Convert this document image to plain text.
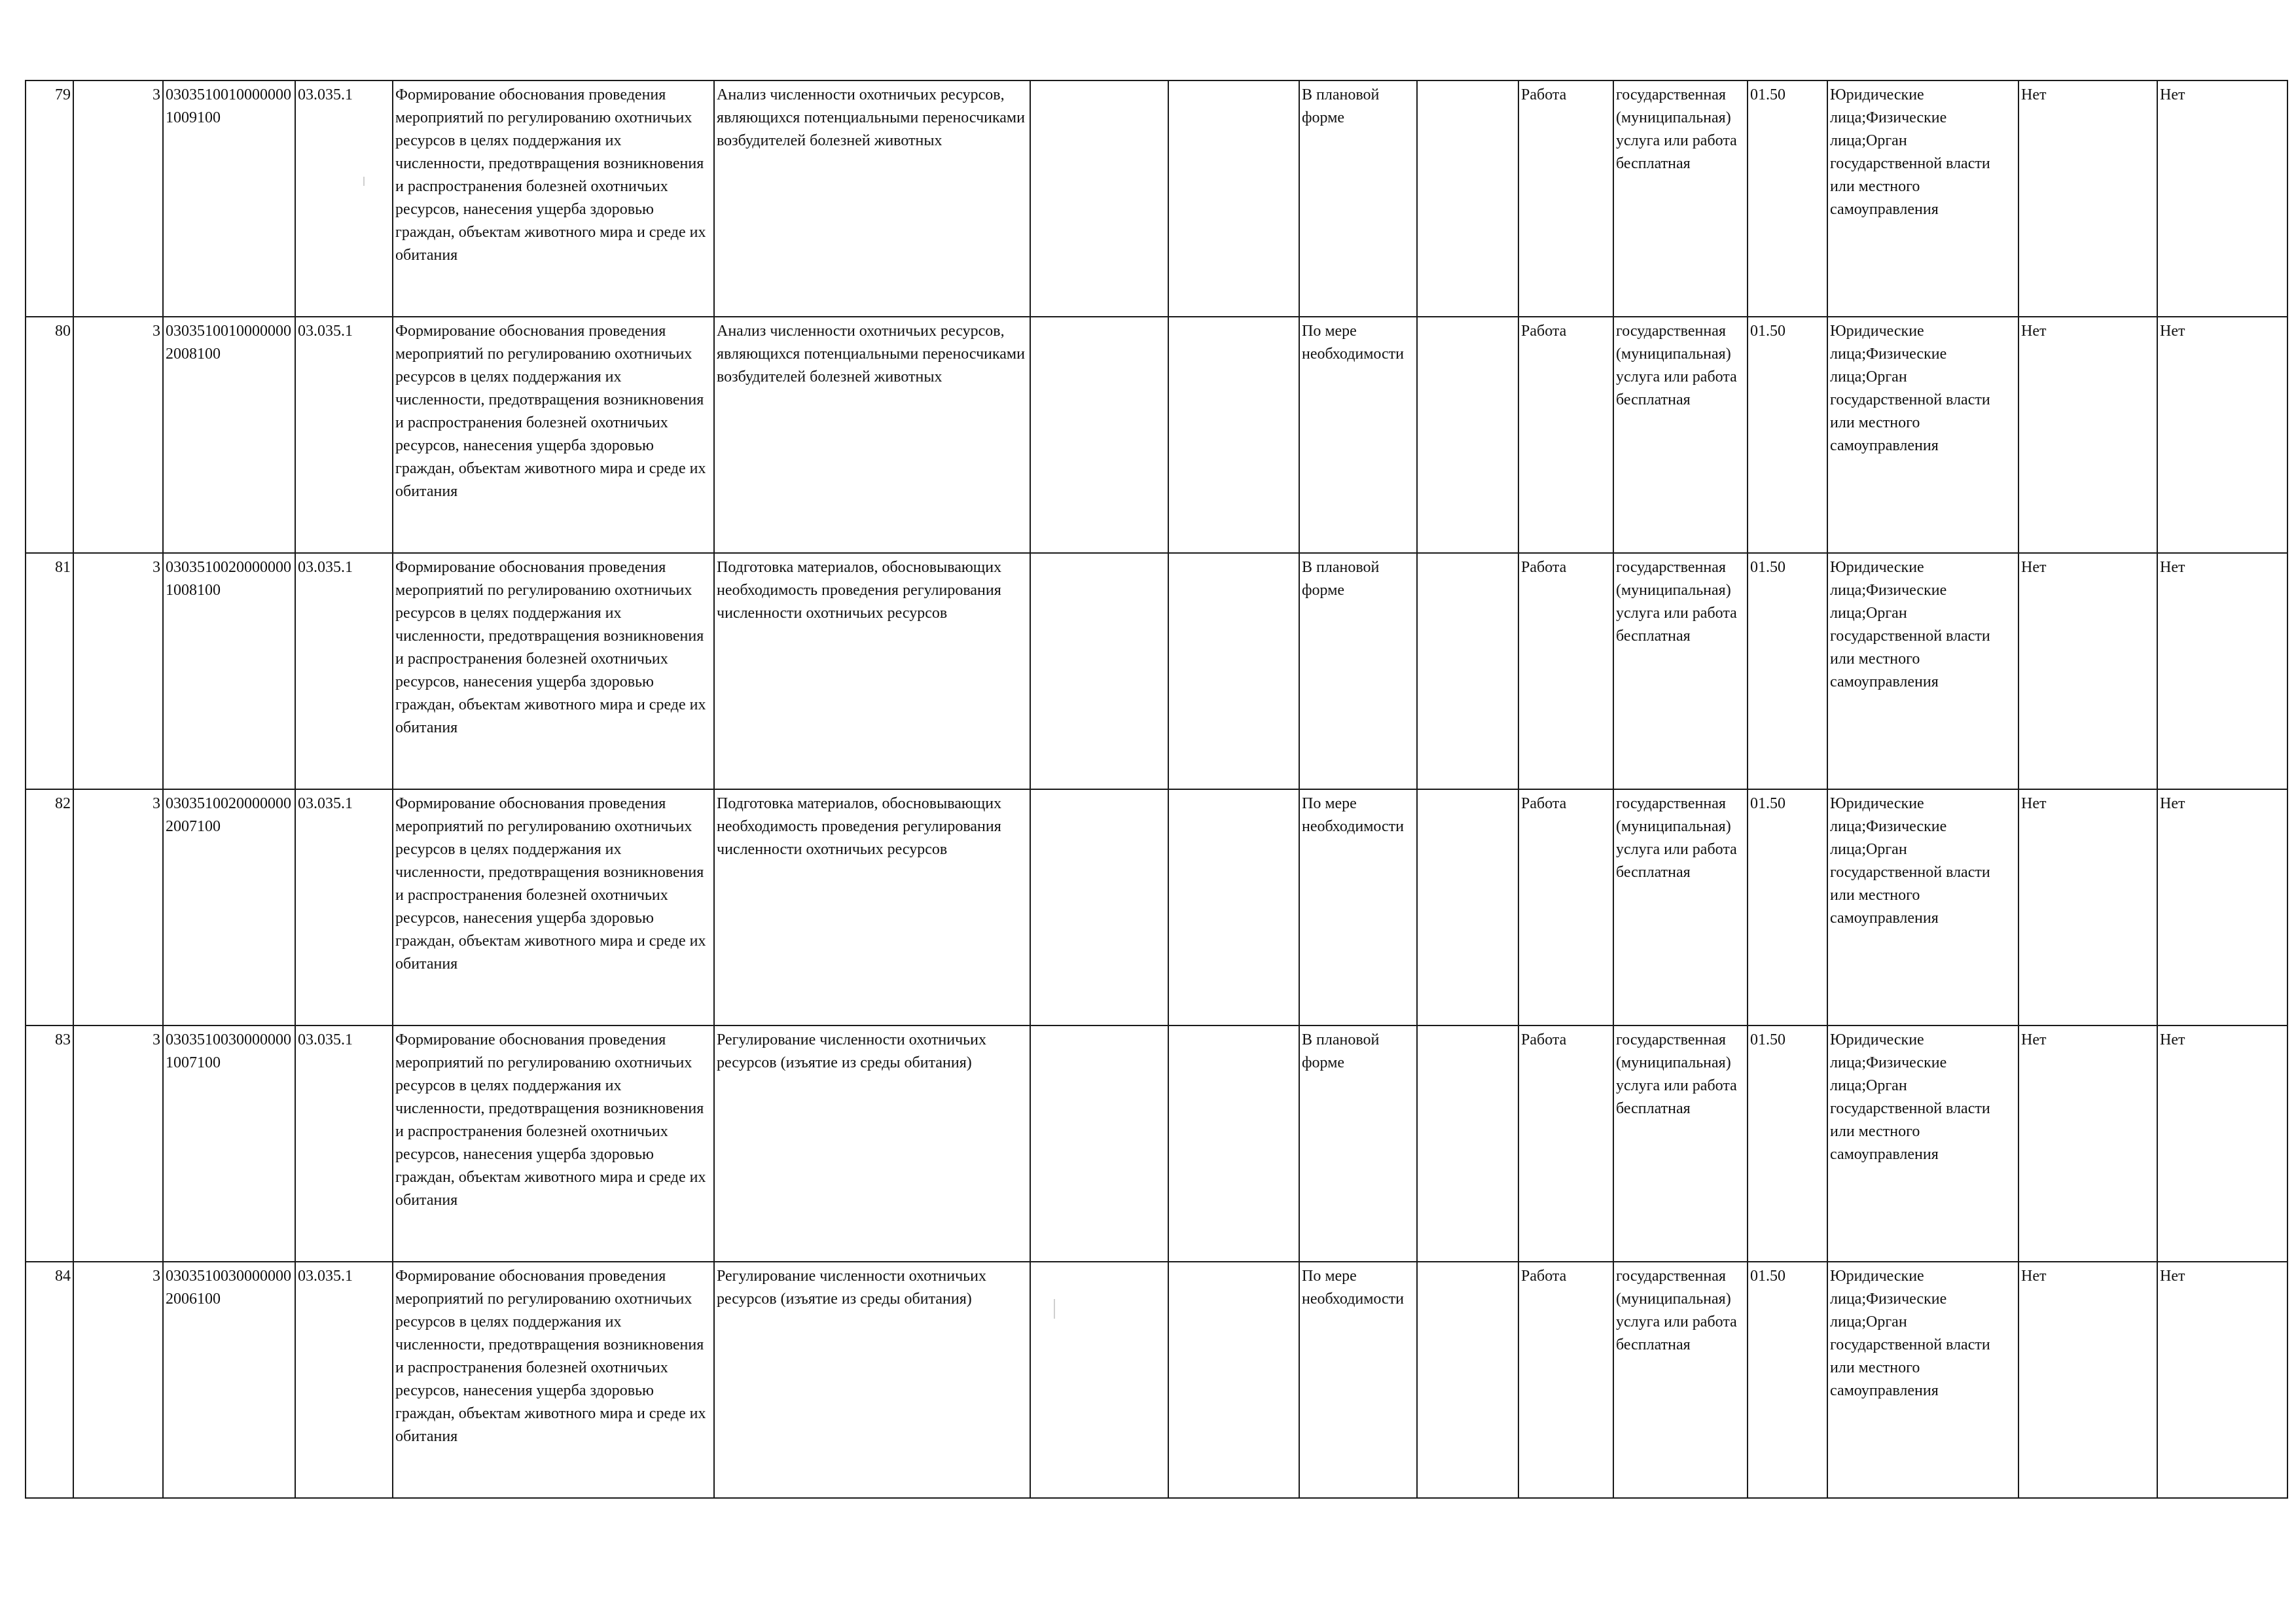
79	3	03035100100000001009100	03.035.1	Формирование обоснования проведения мероприятий по регулированию охотничьих ресурсов в целях поддержания их численности, предотвращения возникновения и распространения болезней охотничьих ресурсов, нанесения ущерба здоровью граждан, объектам животного мира и среде их обитания	Анализ численности охотничьих ресурсов, являющихся потенциальными переносчиками возбудителей болезней животных			В плановой форме		Работа	государственная (муниципальная) услуга или работа бесплатная	01.50	Юридические лица;Физические лица;Орган государственной власти или местного самоуправления	Нет	Нет
80	3	03035100100000002008100	03.035.1	Формирование обоснования проведения мероприятий по регулированию охотничьих ресурсов в целях поддержания их численности, предотвращения возникновения и распространения болезней охотничьих ресурсов, нанесения ущерба здоровью граждан, объектам животного мира и среде их обитания	Анализ численности охотничьих ресурсов, являющихся потенциальными переносчиками возбудителей болезней животных			По мере необходимости		Работа	государственная (муниципальная) услуга или работа бесплатная	01.50	Юридические лица;Физические лица;Орган государственной власти или местного самоуправления	Нет	Нет
81	3	03035100200000001008100	03.035.1	Формирование обоснования проведения мероприятий по регулированию охотничьих ресурсов в целях поддержания их численности, предотвращения возникновения и распространения болезней охотничьих ресурсов, нанесения ущерба здоровью граждан, объектам животного мира и среде их обитания	Подготовка материалов, обосновывающих необходимость проведения регулирования численности охотничьих ресурсов			В плановой форме		Работа	государственная (муниципальная) услуга или работа бесплатная	01.50	Юридические лица;Физические лица;Орган государственной власти или местного самоуправления	Нет	Нет
82	3	03035100200000002007100	03.035.1	Формирование обоснования проведения мероприятий по регулированию охотничьих ресурсов в целях поддержания их численности, предотвращения возникновения и распространения болезней охотничьих ресурсов, нанесения ущерба здоровью граждан, объектам животного мира и среде их обитания	Подготовка материалов, обосновывающих необходимость проведения регулирования численности охотничьих ресурсов			По мере необходимости		Работа	государственная (муниципальная) услуга или работа бесплатная	01.50	Юридические лица;Физические лица;Орган государственной власти или местного самоуправления	Нет	Нет
83	3	03035100300000001007100	03.035.1	Формирование обоснования проведения мероприятий по регулированию охотничьих ресурсов в целях поддержания их численности, предотвращения возникновения и распространения болезней охотничьих ресурсов, нанесения ущерба здоровью граждан, объектам животного мира и среде их обитания	Регулирование численности охотничьих ресурсов (изъятие из среды обитания)			В плановой форме		Работа	государственная (муниципальная) услуга или работа бесплатная	01.50	Юридические лица;Физические лица;Орган государственной власти или местного самоуправления	Нет	Нет
84	3	03035100300000002006100	03.035.1	Формирование обоснования проведения мероприятий по регулированию охотничьих ресурсов в целях поддержания их численности, предотвращения возникновения и распространения болезней охотничьих ресурсов, нанесения ущерба здоровью граждан, объектам животного мира и среде их обитания	Регулирование численности охотничьих ресурсов (изъятие из среды обитания)			По мере необходимости		Работа	государственная (муниципальная) услуга или работа бесплатная	01.50	Юридические лица;Физические лица;Орган государственной власти или местного самоуправления	Нет	Нет
